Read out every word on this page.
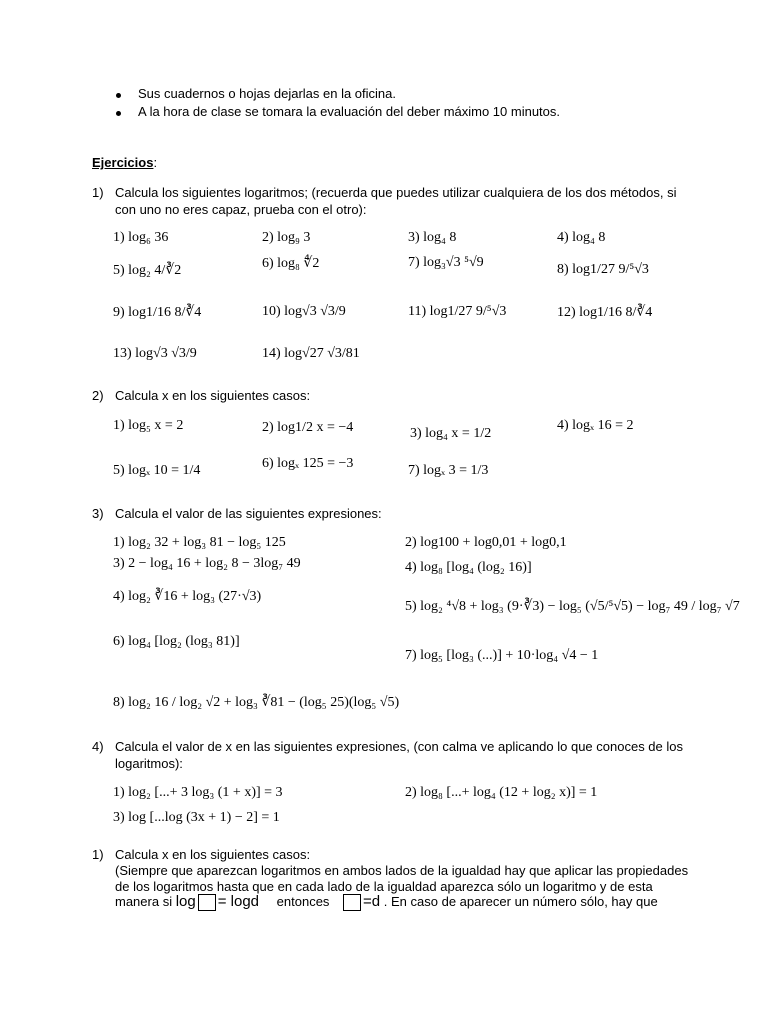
Sus cuadernos o hojas dejarlas en la oficina.
A la hora de clase se tomara la evaluación del deber máximo 10 minutos.
Ejercicios:
1) Calcula los siguientes logaritmos; (recuerda que puedes utilizar cualquiera de los dos métodos, si con uno no eres capaz, prueba con el otro):
1) log₆ 36	2) log₉ 3	3) log₄ 8	4) log₄ 8
5) log₂ 4/∛2	6) log₈ ∜2	7) log₃√3 ⁵√9	8) log1/27 9/⁵√3
9) log1/16 8/∛4	10) log√3 √3/9	11) log1/27 9/⁵√3	12) log1/16 8/∛4
13) log√3 √3/9	14) log√27 √3/81
2) Calcula x en los siguientes casos:
1) log₅ x = 2	2) log1/2 x = −4	3) log₄ x = 1/2
4) logₓ 16 = 2
5) logₓ 10 = 1/4	6) logₓ 125 = −3	7) logₓ 3 = 1/3
3) Calcula el valor de las siguientes expresiones:
1) log₂ 32 + log₃ 81 − log₅ 125	2) log100 + log0,01 + log0,1
3) 2 − log₄ 16 + log₂ 8 − 3log₇ 49	4) log₈ [log₄ (log₂ 16)]
4) log₂ ∛16 + log₃ (27·√3)
5) log₂ ⁴√8 + log₃ (9·∛3) − log₅ (√5/⁵√5) − log₇ 49 / log₇ √7
6) log₄ [log₂ (log₃ 81)]
7) log₅ [log₃ (...)] + 10·log₄ √4 − 1
8) log₂ 16 / log₂ √2 + log₃ ∛81 − (log₅ 25)(log₅ √5)
4) Calcula el valor de x en las siguientes expresiones, (con calma ve aplicando lo que conoces de los logaritmos):
1) log₂ [...+ 3 log₃ (1 + x)] = 3	2) log₈ [...+ log₄ (12 + log₂ x)] = 1
3) log [...log (3x + 1) − 2] = 1
1) Calcula x en los siguientes casos:
(Siempre que aparezcan logaritmos en ambos lados de la igualdad hay que aplicar las propiedades
de los logaritmos hasta que en cada lado de la igualdad aparezca sólo un logaritmo y de esta
manera si log = logd entonces =d . En caso de aparecer un número sólo, hay que
